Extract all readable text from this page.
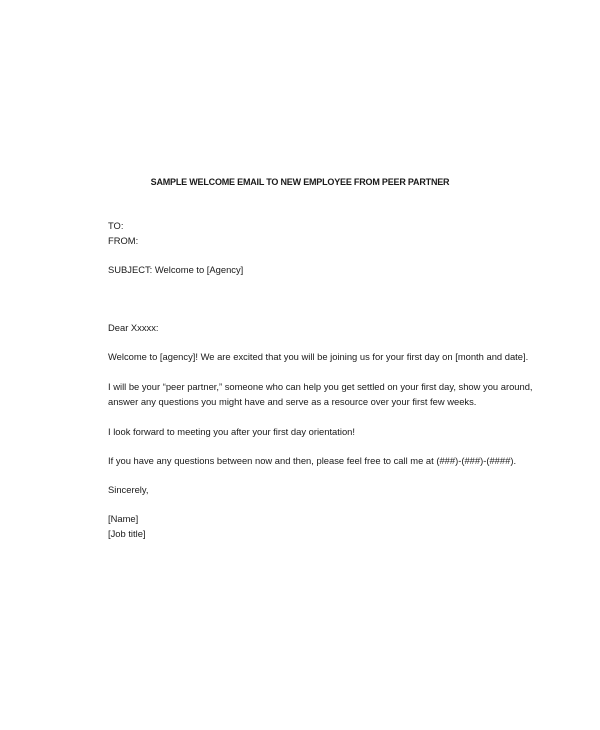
SAMPLE WELCOME EMAIL TO NEW EMPLOYEE FROM PEER PARTNER
TO:
FROM:
SUBJECT: Welcome to [Agency]
Dear Xxxxx:
Welcome to [agency]! We are excited that you will be joining us for your first day on [month and date].
I will be your “peer partner,” someone who can help you get settled on your first day, show you around,
answer any questions you might have and serve as a resource over your first few weeks.
I look forward to meeting you after your first day orientation!
If you have any questions between now and then, please feel free to call me at (###)-(###)-(####).
Sincerely,
[Name]
[Job title]
